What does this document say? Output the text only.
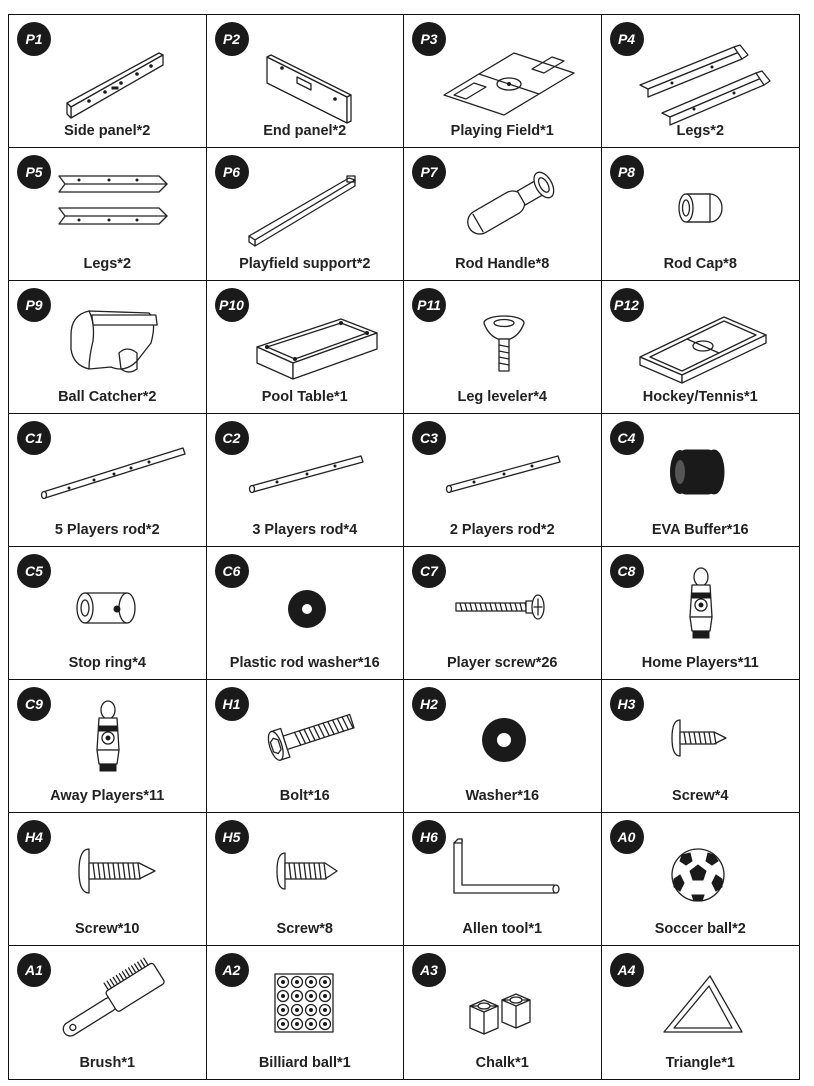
P1
Side panel*2
P2
End panel*2
P3
Playing Field*1
P4
Legs*2
P5
Legs*2
P6
Playfield support*2
P7
Rod Handle*8
P8
Rod Cap*8
P9
Ball Catcher*2
P10
Pool Table*1
P11
Leg leveler*4
P12
Hockey/Tennis*1
C1
5 Players rod*2
C2
3 Players rod*4
C3
2 Players rod*2
C4
EVA Buffer*16
C5
Stop ring*4
C6
Plastic rod washer*16
C7
Player screw*26
C8
Home Players*11
C9
Away Players*11
H1
Bolt*16
H2
Washer*16
H3
Screw*4
H4
Screw*10
H5
Screw*8
H6
Allen tool*1
A0
Soccer ball*2
A1
Brush*1
A2
Billiard ball*1
A3
Chalk*1
A4
Triangle*1
